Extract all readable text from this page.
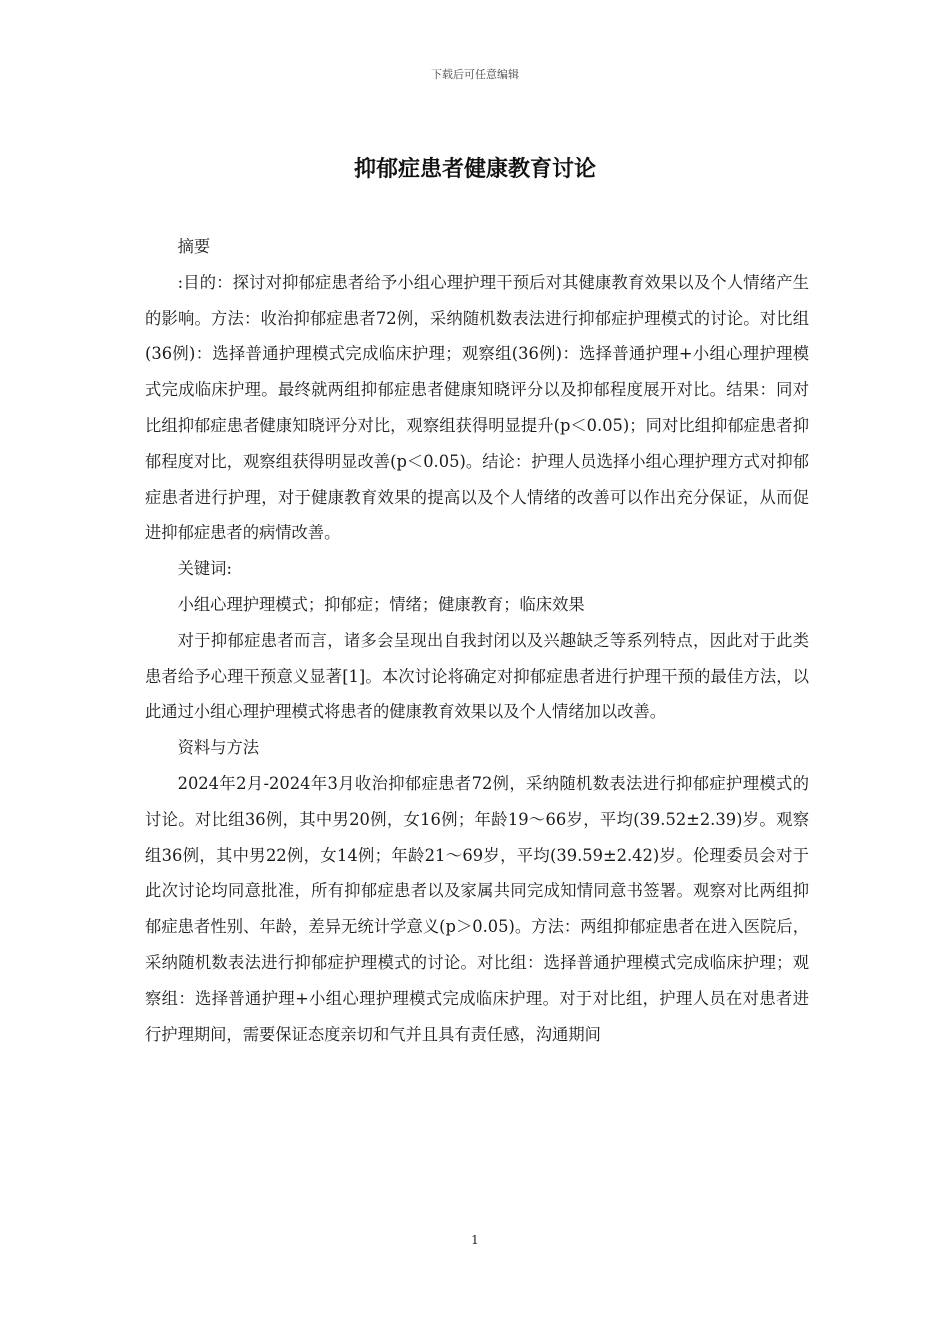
下载后可任意编辑
抑郁症患者健康教育讨论

摘要

:目的：探讨对抑郁症患者给予小组心理护理干预后对其健康教育效果以及个人情绪产生的影响。方法：收治抑郁症患者72例，采纳随机数表法进行抑郁症护理模式的讨论。对比组(36例)：选择普通护理模式完成临床护理；观察组(36例)：选择普通护理+小组心理护理模式完成临床护理。最终就两组抑郁症患者健康知晓评分以及抑郁程度展开对比。结果：同对比组抑郁症患者健康知晓评分对比，观察组获得明显提升(p＜0.05)；同对比组抑郁症患者抑郁程度对比，观察组获得明显改善(p＜0.05)。结论：护理人员选择小组心理护理方式对抑郁症患者进行护理，对于健康教育效果的提高以及个人情绪的改善可以作出充分保证，从而促进抑郁症患者的病情改善。

关键词:

小组心理护理模式；抑郁症；情绪；健康教育；临床效果

对于抑郁症患者而言，诸多会呈现出自我封闭以及兴趣缺乏等系列特点，因此对于此类患者给予心理干预意义显著[1]。本次讨论将确定对抑郁症患者进行护理干预的最佳方法，以此通过小组心理护理模式将患者的健康教育效果以及个人情绪加以改善。

资料与方法

2024年2月-2024年3月收治抑郁症患者72例，采纳随机数表法进行抑郁症护理模式的讨论。对比组36例，其中男20例，女16例；年龄19～66岁，平均(39.52±2.39)岁。观察组36例，其中男22例，女14例；年龄21～69岁，平均(39.59±2.42)岁。伦理委员会对于此次讨论均同意批准，所有抑郁症患者以及家属共同完成知情同意书签署。观察对比两组抑郁症患者性别、年龄，差异无统计学意义(p＞0.05)。方法：两组抑郁症患者在进入医院后，采纳随机数表法进行抑郁症护理模式的讨论。对比组：选择普通护理模式完成临床护理；观察组：选择普通护理+小组心理护理模式完成临床护理。对于对比组，护理人员在对患者进行护理期间，需要保证态度亲切和气并且具有责任感，沟通期间

1
